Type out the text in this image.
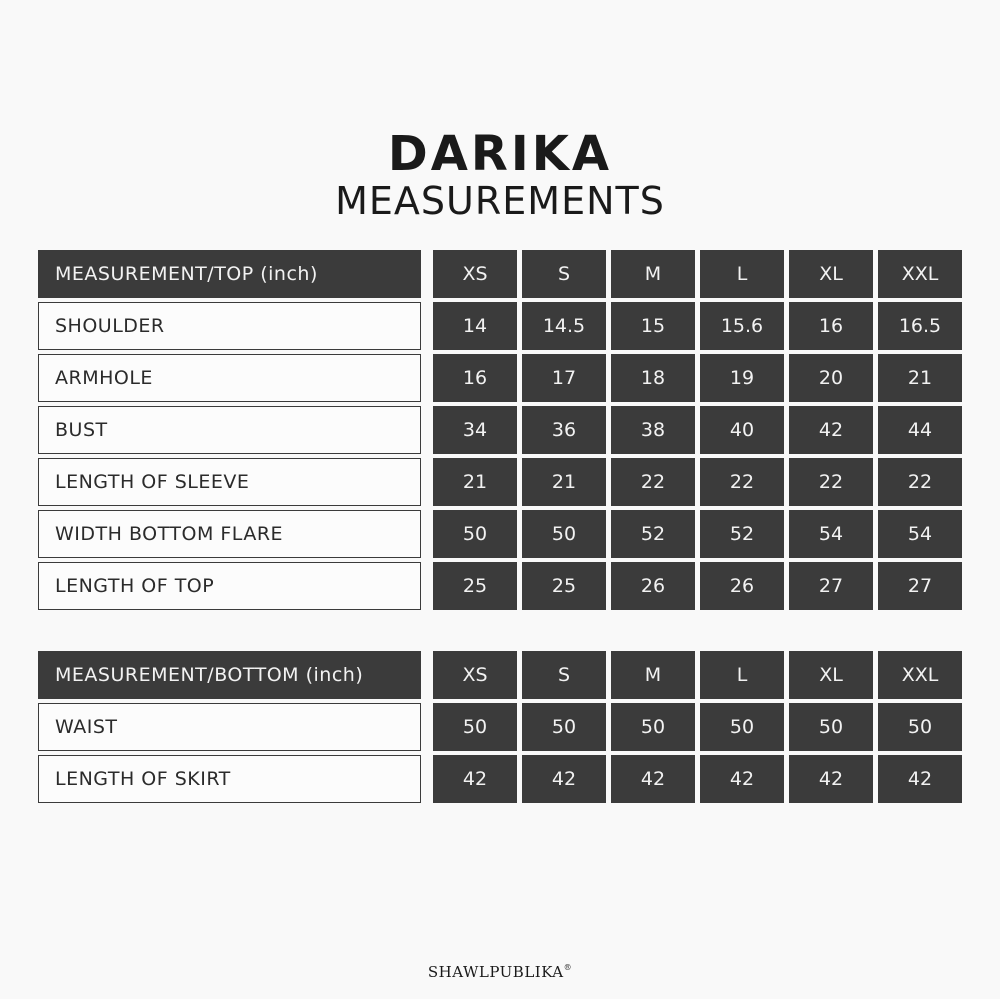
DARIKA
MEASUREMENTS
MEASUREMENT/TOP (inch)	XS	S	M	L	XL	XXL
SHOULDER	14	14.5	15	15.6	16	16.5
ARMHOLE	16	17	18	19	20	21
BUST	34	36	38	40	42	44
LENGTH OF SLEEVE	21	21	22	22	22	22
WIDTH BOTTOM FLARE	50	50	52	52	54	54
LENGTH OF TOP	25	25	26	26	27	27
MEASUREMENT/BOTTOM (inch)	XS	S	M	L	XL	XXL
WAIST	50	50	50	50	50	50
LENGTH OF SKIRT	42	42	42	42	42	42
SHAWLPUBLIKA®
